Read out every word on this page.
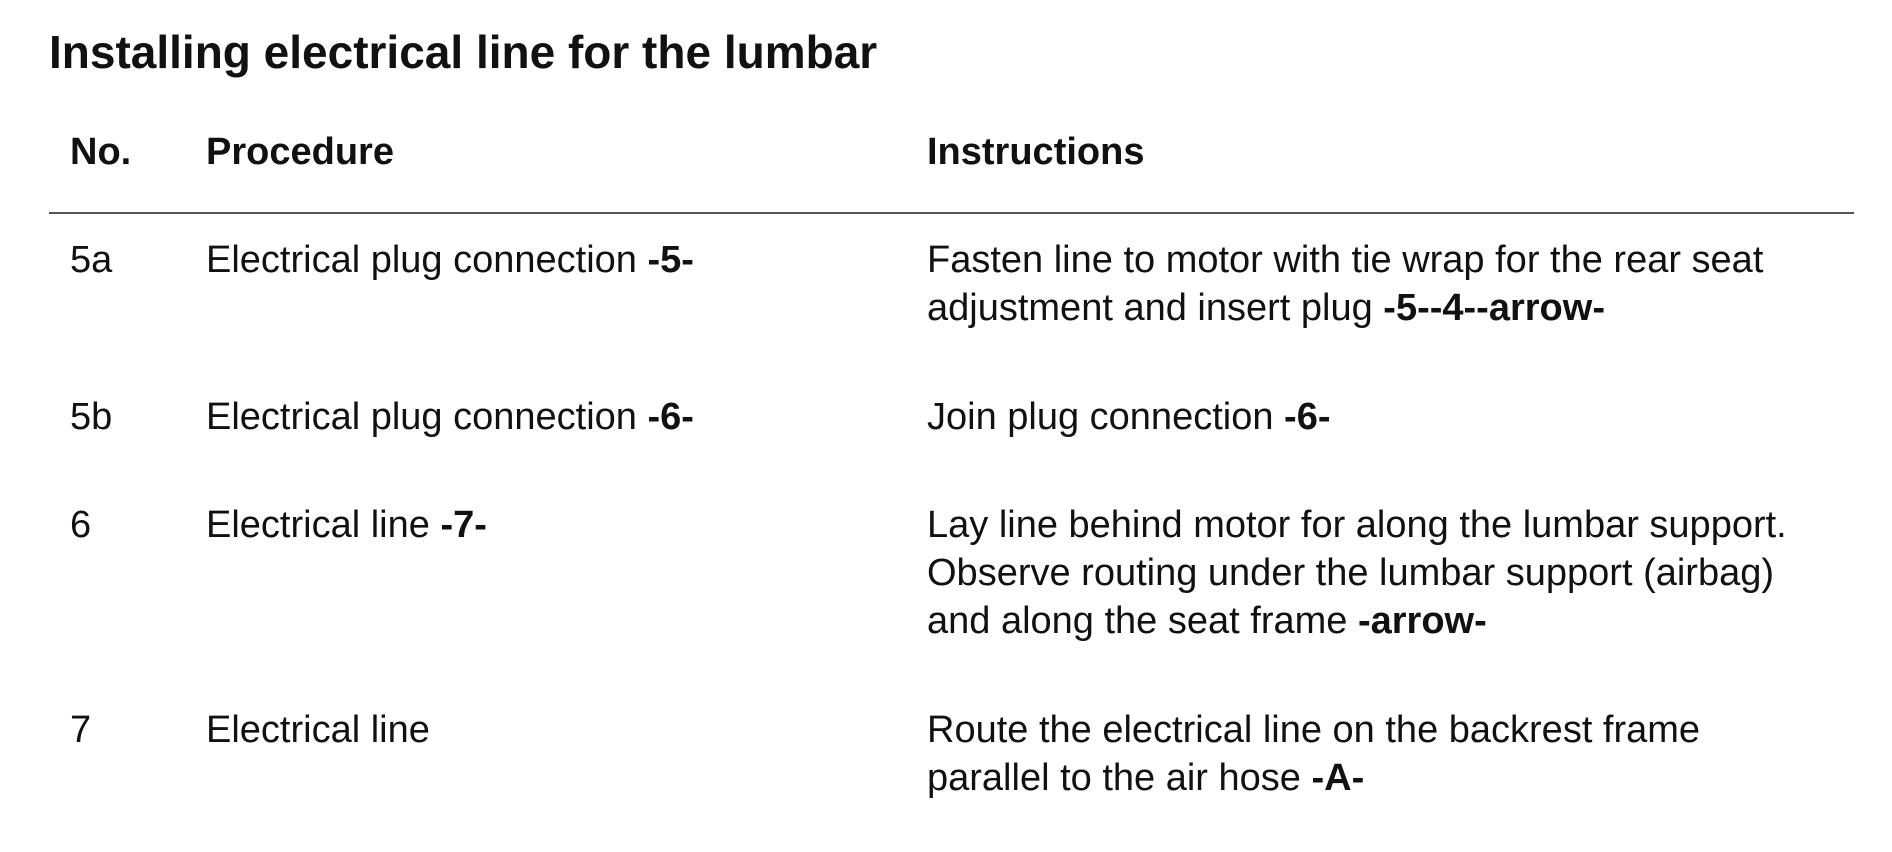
Installing electrical line for the lumbar
No. Procedure	Instructions
5a Electrical plug connection -5-	Fasten line to motor with tie wrap for the rear seat
adjustment and insert plug -5--4--arrow-
5b Electrical plug connection -6-	Join plug connection -6-
6	Electrical line -7-	Lay line behind motor for along the lumbar support.
Observe routing under the lumbar support (airbag)
and along the seat frame -arrow-
7	Electrical line	Route the electrical line on the backrest frame
parallel to the air hose -A-
